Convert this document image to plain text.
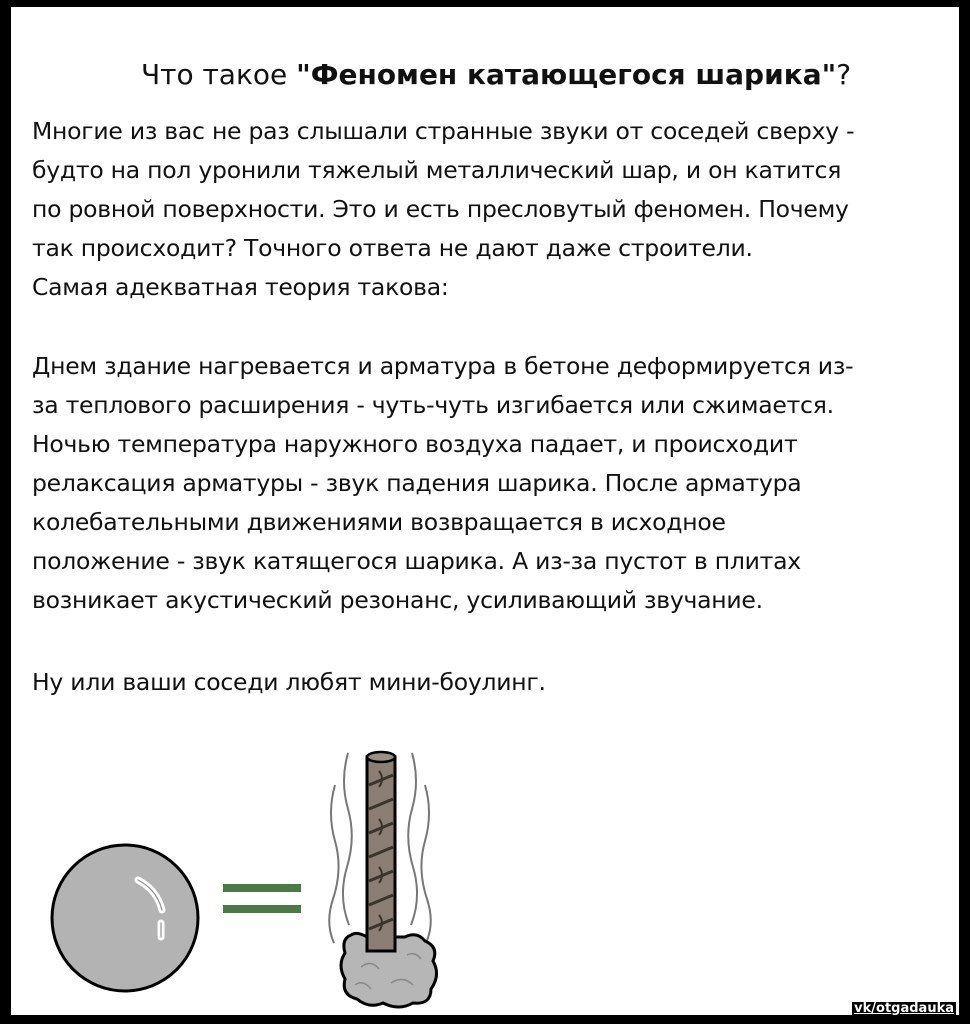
Что такое "Феномен катающегося шарика"?

Многие из вас не раз слышали странные звуки от соседей сверху -

будто на пол уронили тяжелый металлический шар, и он катится

по ровной поверхности. Это и есть пресловутый феномен. Почему

так происходит? Точного ответа не дают даже строители.

Самая адекватная теория такова:

Днем здание нагревается и арматура в бетоне деформируется из-

за теплового расширения - чуть-чуть изгибается или сжимается.

Ночью температура наружного воздуха падает, и происходит

релаксация арматуры - звук падения шарика. После арматура

колебательными движениями возвращается в исходное

положение - звук катящегося шарика. А из-за пустот в плитах

возникает акустический резонанс, усиливающий звучание.

Ну или ваши соседи любят мини-боулинг.

vk/otgadauka
